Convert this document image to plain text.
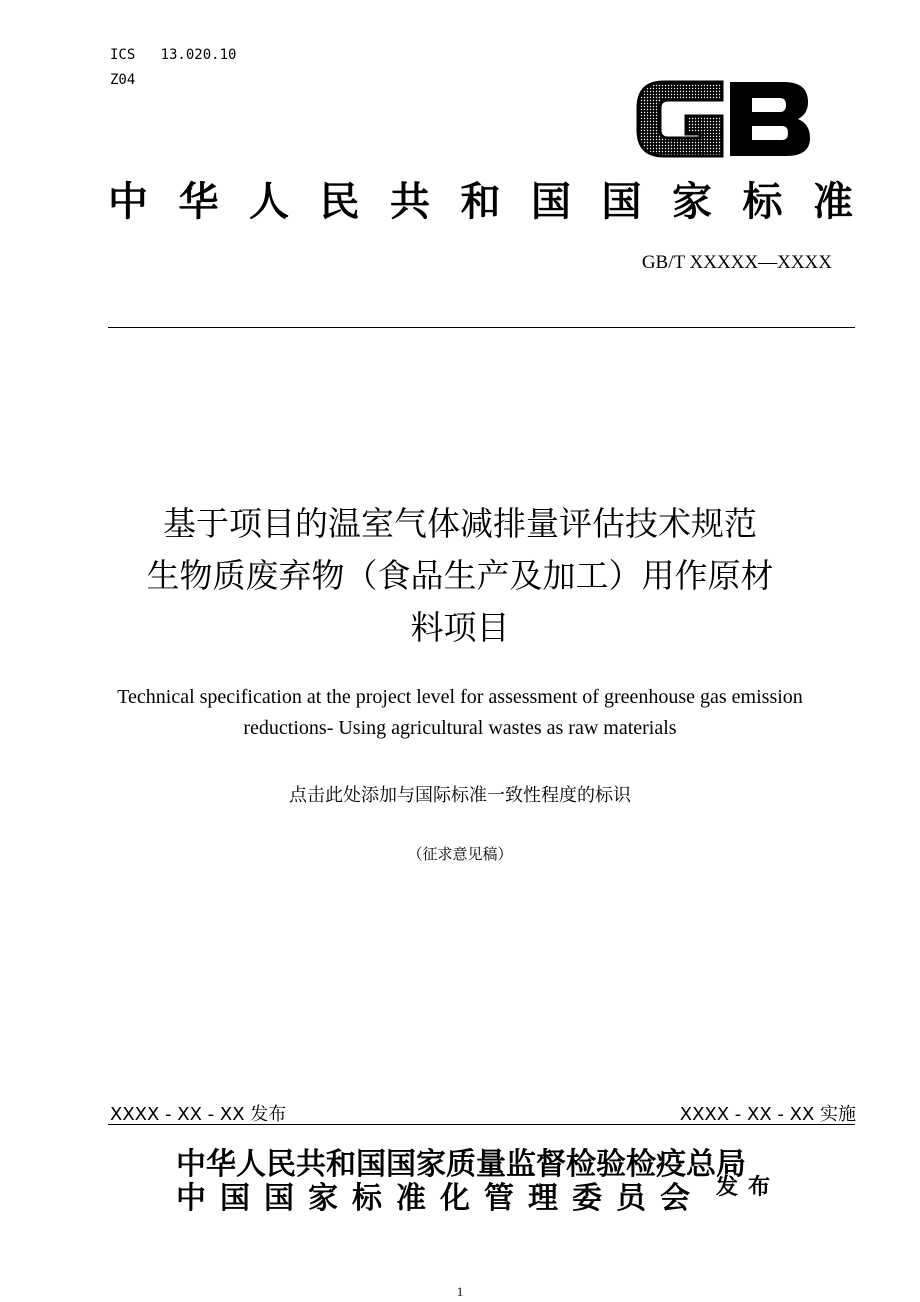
ICS   13.020.10
Z04
中 华 人 民 共 和 国 国 家 标 准
GB/T XXXXX—XXXX
基于项目的温室气体减排量评估技术规范
生物质废弃物（食品生产及加工）用作原材
料项目
Technical specification at the project level for assessment of greenhouse gas emission
reductions- Using agricultural wastes as raw materials
点击此处添加与国际标准一致性程度的标识
（征求意见稿）
XXXX - XX - XX 发布	XXXX - XX - XX 实施
中华人民共和国国家质量监督检验检疫总局
中 国 国 家 标 准 化 管 理 委 员 会 发布
1
